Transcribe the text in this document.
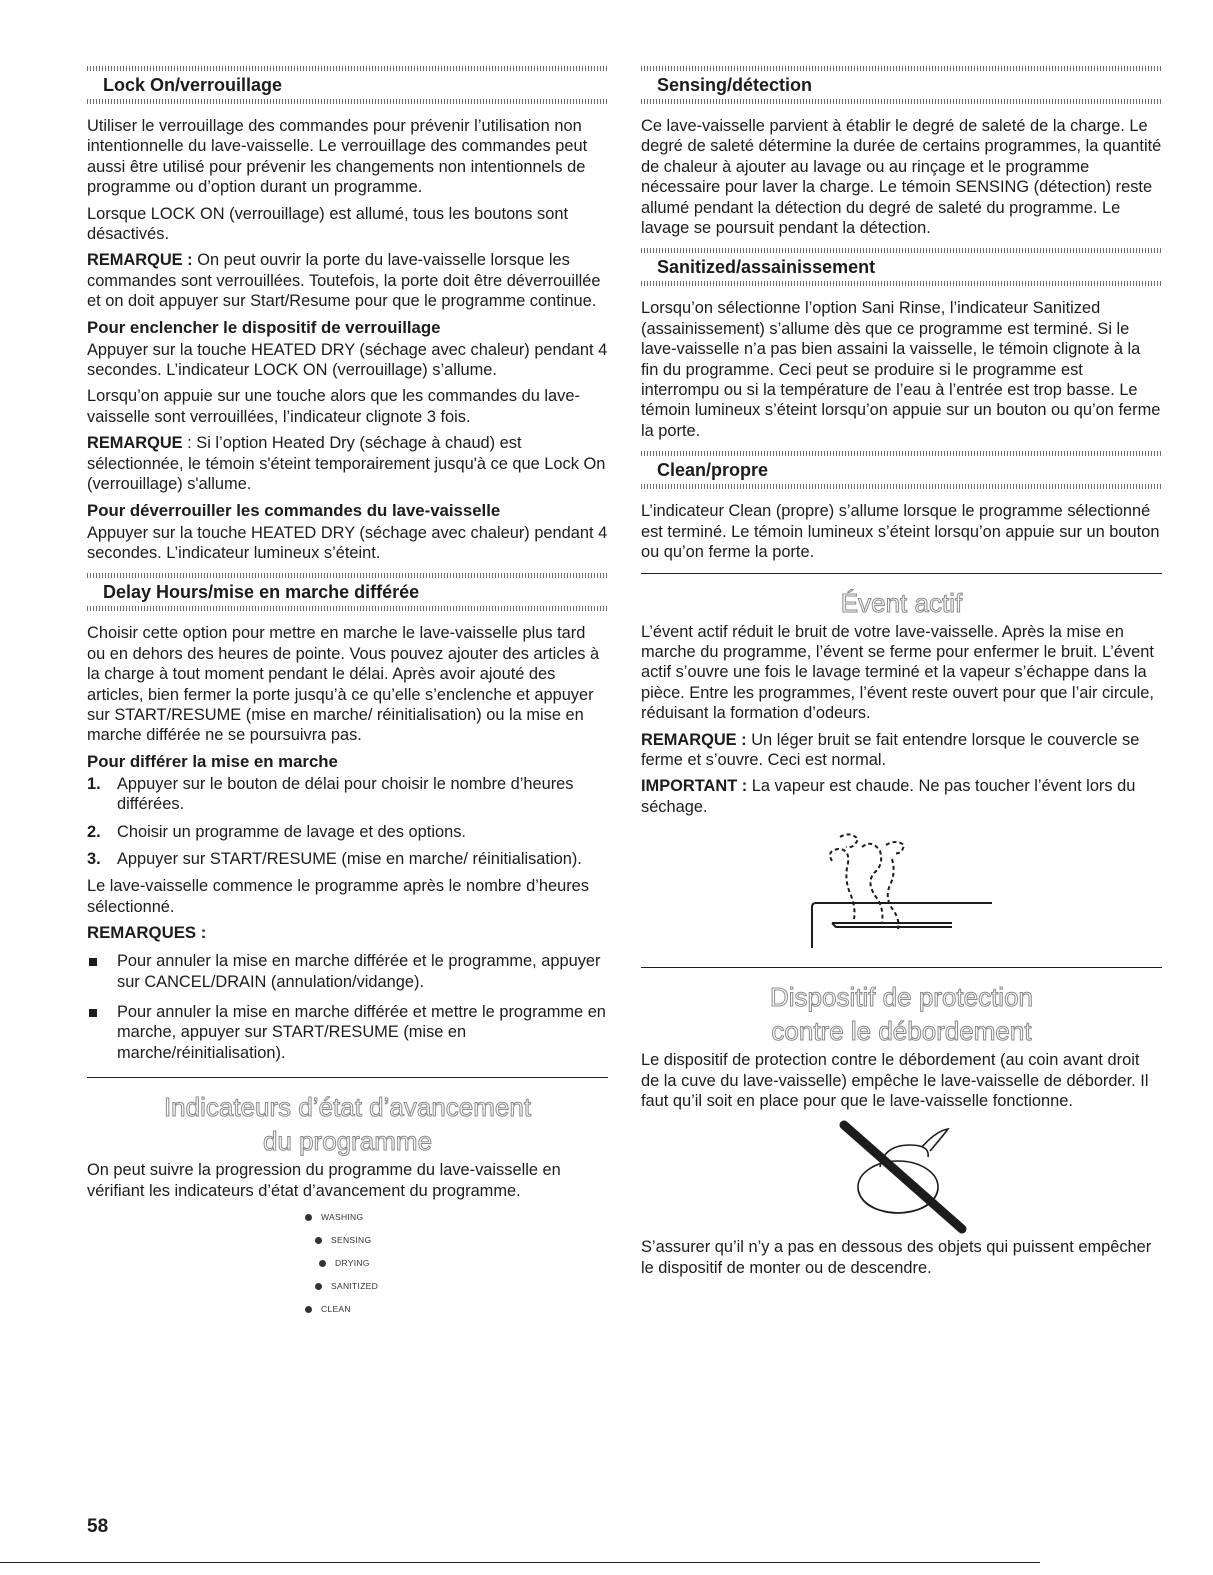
Lock On/verrouillage

Utiliser le verrouillage des commandes pour prévenir l’utilisation non intentionnelle du lave-vaisselle. Le verrouillage des commandes peut aussi être utilisé pour prévenir les changements non intentionnels de programme ou d’option durant un programme.

Lorsque LOCK ON (verrouillage) est allumé, tous les boutons sont désactivés.

REMARQUE : On peut ouvrir la porte du lave-vaisselle lorsque les commandes sont verrouillées. Toutefois, la porte doit être déverrouillée et on doit appuyer sur Start/Resume pour que le programme continue.

Pour enclencher le dispositif de verrouillage

Appuyer sur la touche HEATED DRY (séchage avec chaleur) pendant 4 secondes. L’indicateur LOCK ON (verrouillage) s’allume.

Lorsqu’on appuie sur une touche alors que les commandes du lave-vaisselle sont verrouillées, l’indicateur clignote 3 fois.

REMARQUE : Si l’option Heated Dry (séchage à chaud) est sélectionnée, le témoin s'éteint temporairement jusqu'à ce que Lock On (verrouillage) s'allume.

Pour déverrouiller les commandes du lave-vaisselle

Appuyer sur la touche HEATED DRY (séchage avec chaleur) pendant 4 secondes. L’indicateur lumineux s’éteint.

Delay Hours/mise en marche différée

Choisir cette option pour mettre en marche le lave-vaisselle plus tard ou en dehors des heures de pointe. Vous pouvez ajouter des articles à la charge à tout moment pendant le délai. Après avoir ajouté des articles, bien fermer la porte jusqu’à ce qu’elle s’enclenche et appuyer sur START/RESUME (mise en marche/ réinitialisation) ou la mise en marche différée ne se poursuivra pas.

Pour différer la mise en marche
1. Appuyer sur le bouton de délai pour choisir le nombre d’heures différées.
2. Choisir un programme de lavage et des options.
3. Appuyer sur START/RESUME (mise en marche/ réinitialisation).

Le lave-vaisselle commence le programme après le nombre d’heures sélectionné.

REMARQUES :
Pour annuler la mise en marche différée et le programme, appuyer sur CANCEL/DRAIN (annulation/vidange).
Pour annuler la mise en marche différée et mettre le programme en marche, appuyer sur START/RESUME (mise en marche/réinitialisation).
Indicateurs d’état d’avancement
du programme

On peut suivre la progression du programme du lave-vaisselle en vérifiant les indicateurs d’état d’avancement du programme.

WASHING
SENSING
DRYING
SANITIZED
CLEAN
Sensing/détection

Ce lave-vaisselle parvient à établir le degré de saleté de la charge. Le degré de saleté détermine la durée de certains programmes, la quantité de chaleur à ajouter au lavage ou au rinçage et le programme nécessaire pour laver la charge. Le témoin SENSING (détection) reste allumé pendant la détection du degré de saleté du programme. Le lavage se poursuit pendant la détection.

Sanitized/assainissement

Lorsqu’on sélectionne l’option Sani Rinse, l’indicateur Sanitized (assainissement) s’allume dès que ce programme est terminé. Si le lave-vaisselle n’a pas bien assaini la vaisselle, le témoin clignote à la fin du programme. Ceci peut se produire si le programme est interrompu ou si la température de l’eau à l’entrée est trop basse. Le témoin lumineux s’éteint lorsqu’on appuie sur un bouton ou qu’on ferme la porte.

Clean/propre

L’indicateur Clean (propre) s’allume lorsque le programme sélectionné est terminé. Le témoin lumineux s’éteint lorsqu’on appuie sur un bouton ou qu’on ferme la porte.

Évent actif

L’évent actif réduit le bruit de votre lave-vaisselle. Après la mise en marche du programme, l’évent se ferme pour enfermer le bruit. L’évent actif s’ouvre une fois le lavage terminé et la vapeur s’échappe dans la pièce. Entre les programmes, l’évent reste ouvert pour que l’air circule, réduisant la formation d’odeurs.

REMARQUE : Un léger bruit se fait entendre lorsque le couvercle se ferme et s’ouvre. Ceci est normal.

IMPORTANT : La vapeur est chaude. Ne pas toucher l’évent lors du séchage.

Dispositif de protection
contre le débordement

Le dispositif de protection contre le débordement (au coin avant droit de la cuve du lave-vaisselle) empêche le lave-vaisselle de déborder. Il faut qu’il soit en place pour que le lave-vaisselle fonctionne.

S’assurer qu’il n’y a pas en dessous des objets qui puissent empêcher le dispositif de monter ou de descendre.

58
